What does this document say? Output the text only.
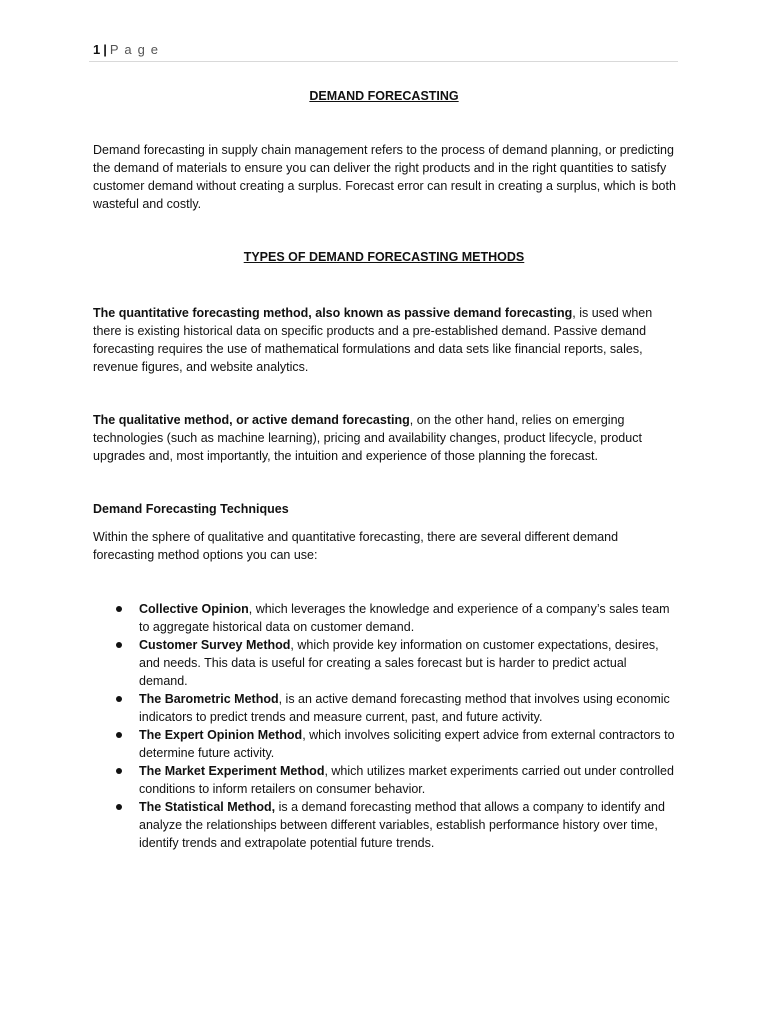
1 | P a g e
DEMAND FORECASTING
Demand forecasting in supply chain management refers to the process of demand planning, or predicting the demand of materials to ensure you can deliver the right products and in the right quantities to satisfy customer demand without creating a surplus. Forecast error can result in creating a surplus, which is both wasteful and costly.
TYPES OF DEMAND FORECASTING METHODS
The quantitative forecasting method, also known as passive demand forecasting, is used when there is existing historical data on specific products and a pre-established demand. Passive demand forecasting requires the use of mathematical formulations and data sets like financial reports, sales, revenue figures, and website analytics.
The qualitative method, or active demand forecasting, on the other hand, relies on emerging technologies (such as machine learning), pricing and availability changes, product lifecycle, product upgrades and, most importantly, the intuition and experience of those planning the forecast.
Demand Forecasting Techniques
Within the sphere of qualitative and quantitative forecasting, there are several different demand forecasting method options you can use:
Collective Opinion, which leverages the knowledge and experience of a company’s sales team to aggregate historical data on customer demand.
Customer Survey Method, which provide key information on customer expectations, desires, and needs. This data is useful for creating a sales forecast but is harder to predict actual demand.
The Barometric Method, is an active demand forecasting method that involves using economic indicators to predict trends and measure current, past, and future activity.
The Expert Opinion Method, which involves soliciting expert advice from external contractors to determine future activity.
The Market Experiment Method, which utilizes market experiments carried out under controlled conditions to inform retailers on consumer behavior.
The Statistical Method, is a demand forecasting method that allows a company to identify and analyze the relationships between different variables, establish performance history over time, identify trends and extrapolate potential future trends.
